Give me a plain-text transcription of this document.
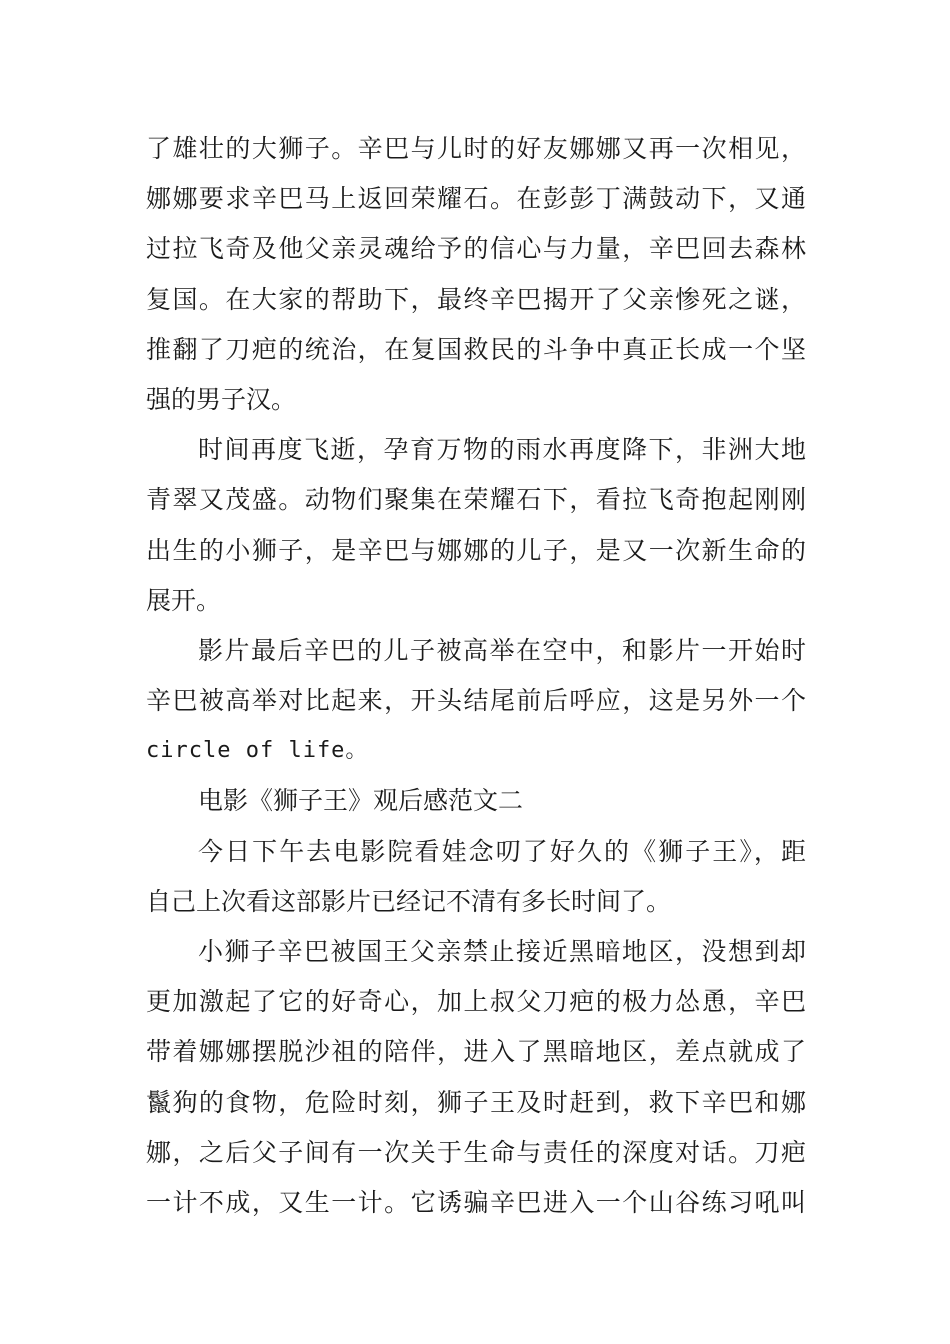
了雄壮的大狮子。辛巴与儿时的好友娜娜又再一次相见，
娜娜要求辛巴马上返回荣耀石。在彭彭丁满鼓动下，又通
过拉飞奇及他父亲灵魂给予的信心与力量，辛巴回去森林
复国。在大家的帮助下，最终辛巴揭开了父亲惨死之谜，
推翻了刀疤的统治，在复国救民的斗争中真正长成一个坚
强的男子汉。
时间再度飞逝，孕育万物的雨水再度降下，非洲大地
青翠又茂盛。动物们聚集在荣耀石下，看拉飞奇抱起刚刚
出生的小狮子，是辛巴与娜娜的儿子，是又一次新生命的
展开。
影片最后辛巴的儿子被高举在空中，和影片一开始时
辛巴被高举对比起来，开头结尾前后呼应，这是另外一个
circle of life。
电影《狮子王》观后感范文二
今日下午去电影院看娃念叨了好久的《狮子王》，距
自己上次看这部影片已经记不清有多长时间了。
小狮子辛巴被国王父亲禁止接近黑暗地区，没想到却
更加激起了它的好奇心，加上叔父刀疤的极力怂恿，辛巴
带着娜娜摆脱沙祖的陪伴，进入了黑暗地区，差点就成了
鬣狗的食物，危险时刻，狮子王及时赶到，救下辛巴和娜
娜，之后父子间有一次关于生命与责任的深度对话。刀疤
一计不成，又生一计。它诱骗辛巴进入一个山谷练习吼叫
